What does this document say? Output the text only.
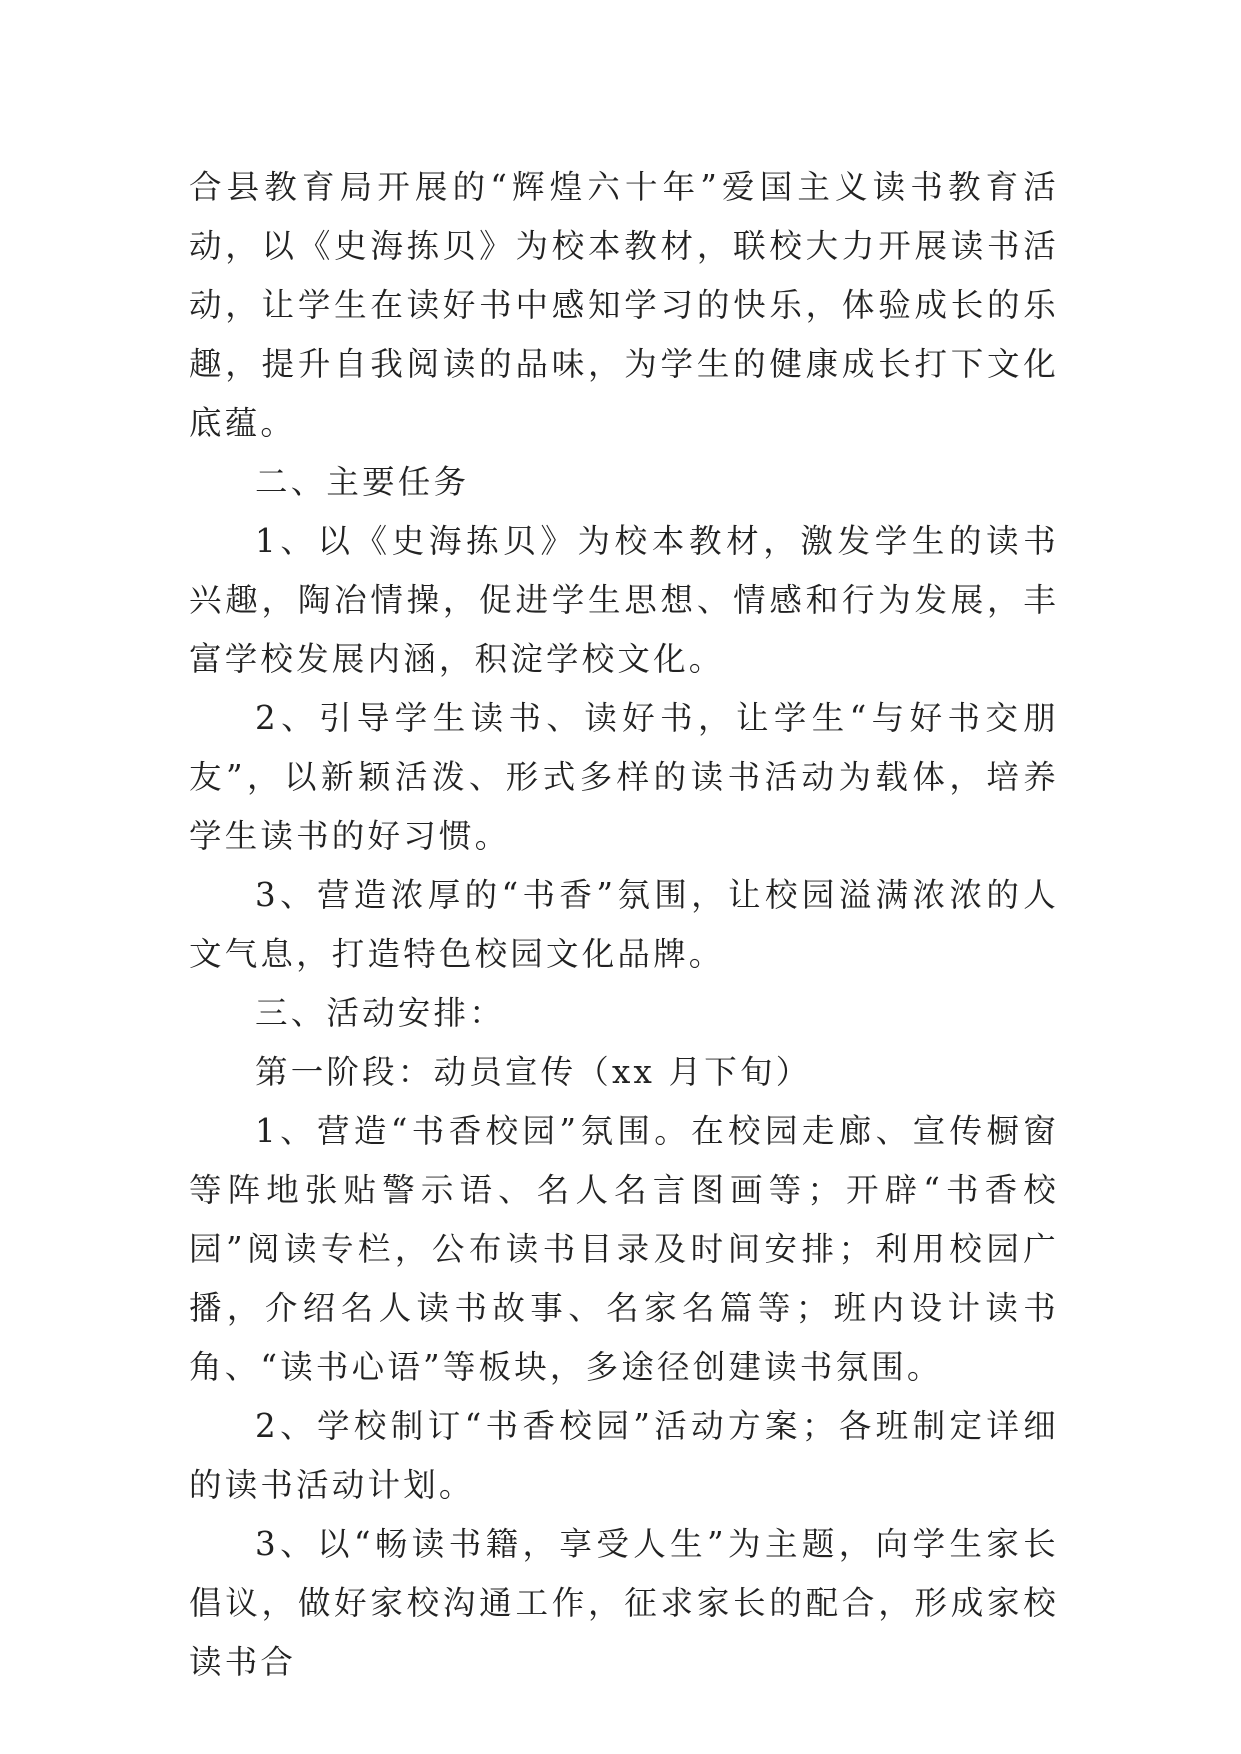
合县教育局开展的“辉煌六十年”爱国主义读书教育活动，以《史海拣贝》为校本教材，联校大力开展读书活动，让学生在读好书中感知学习的快乐，体验成长的乐趣，提升自我阅读的品味，为学生的健康成长打下文化底蕴。

二、主要任务

1、以《史海拣贝》为校本教材，激发学生的读书兴趣，陶冶情操，促进学生思想、情感和行为发展，丰富学校发展内涵，积淀学校文化。

2、引导学生读书、读好书，让学生“与好书交朋友”，以新颖活泼、形式多样的读书活动为载体，培养学生读书的好习惯。

3、营造浓厚的“书香”氛围，让校园溢满浓浓的人文气息，打造特色校园文化品牌。

三、活动安排：

第一阶段：动员宣传（xx 月下旬）

1、营造“书香校园”氛围。在校园走廊、宣传橱窗等阵地张贴警示语、名人名言图画等；开辟“书香校园”阅读专栏，公布读书目录及时间安排；利用校园广播，介绍名人读书故事、名家名篇等；班内设计读书角、“读书心语”等板块，多途径创建读书氛围。

2、学校制订“书香校园”活动方案；各班制定详细的读书活动计划。

3、以“畅读书籍，享受人生”为主题，向学生家长倡议，做好家校沟通工作，征求家长的配合，形成家校读书合
